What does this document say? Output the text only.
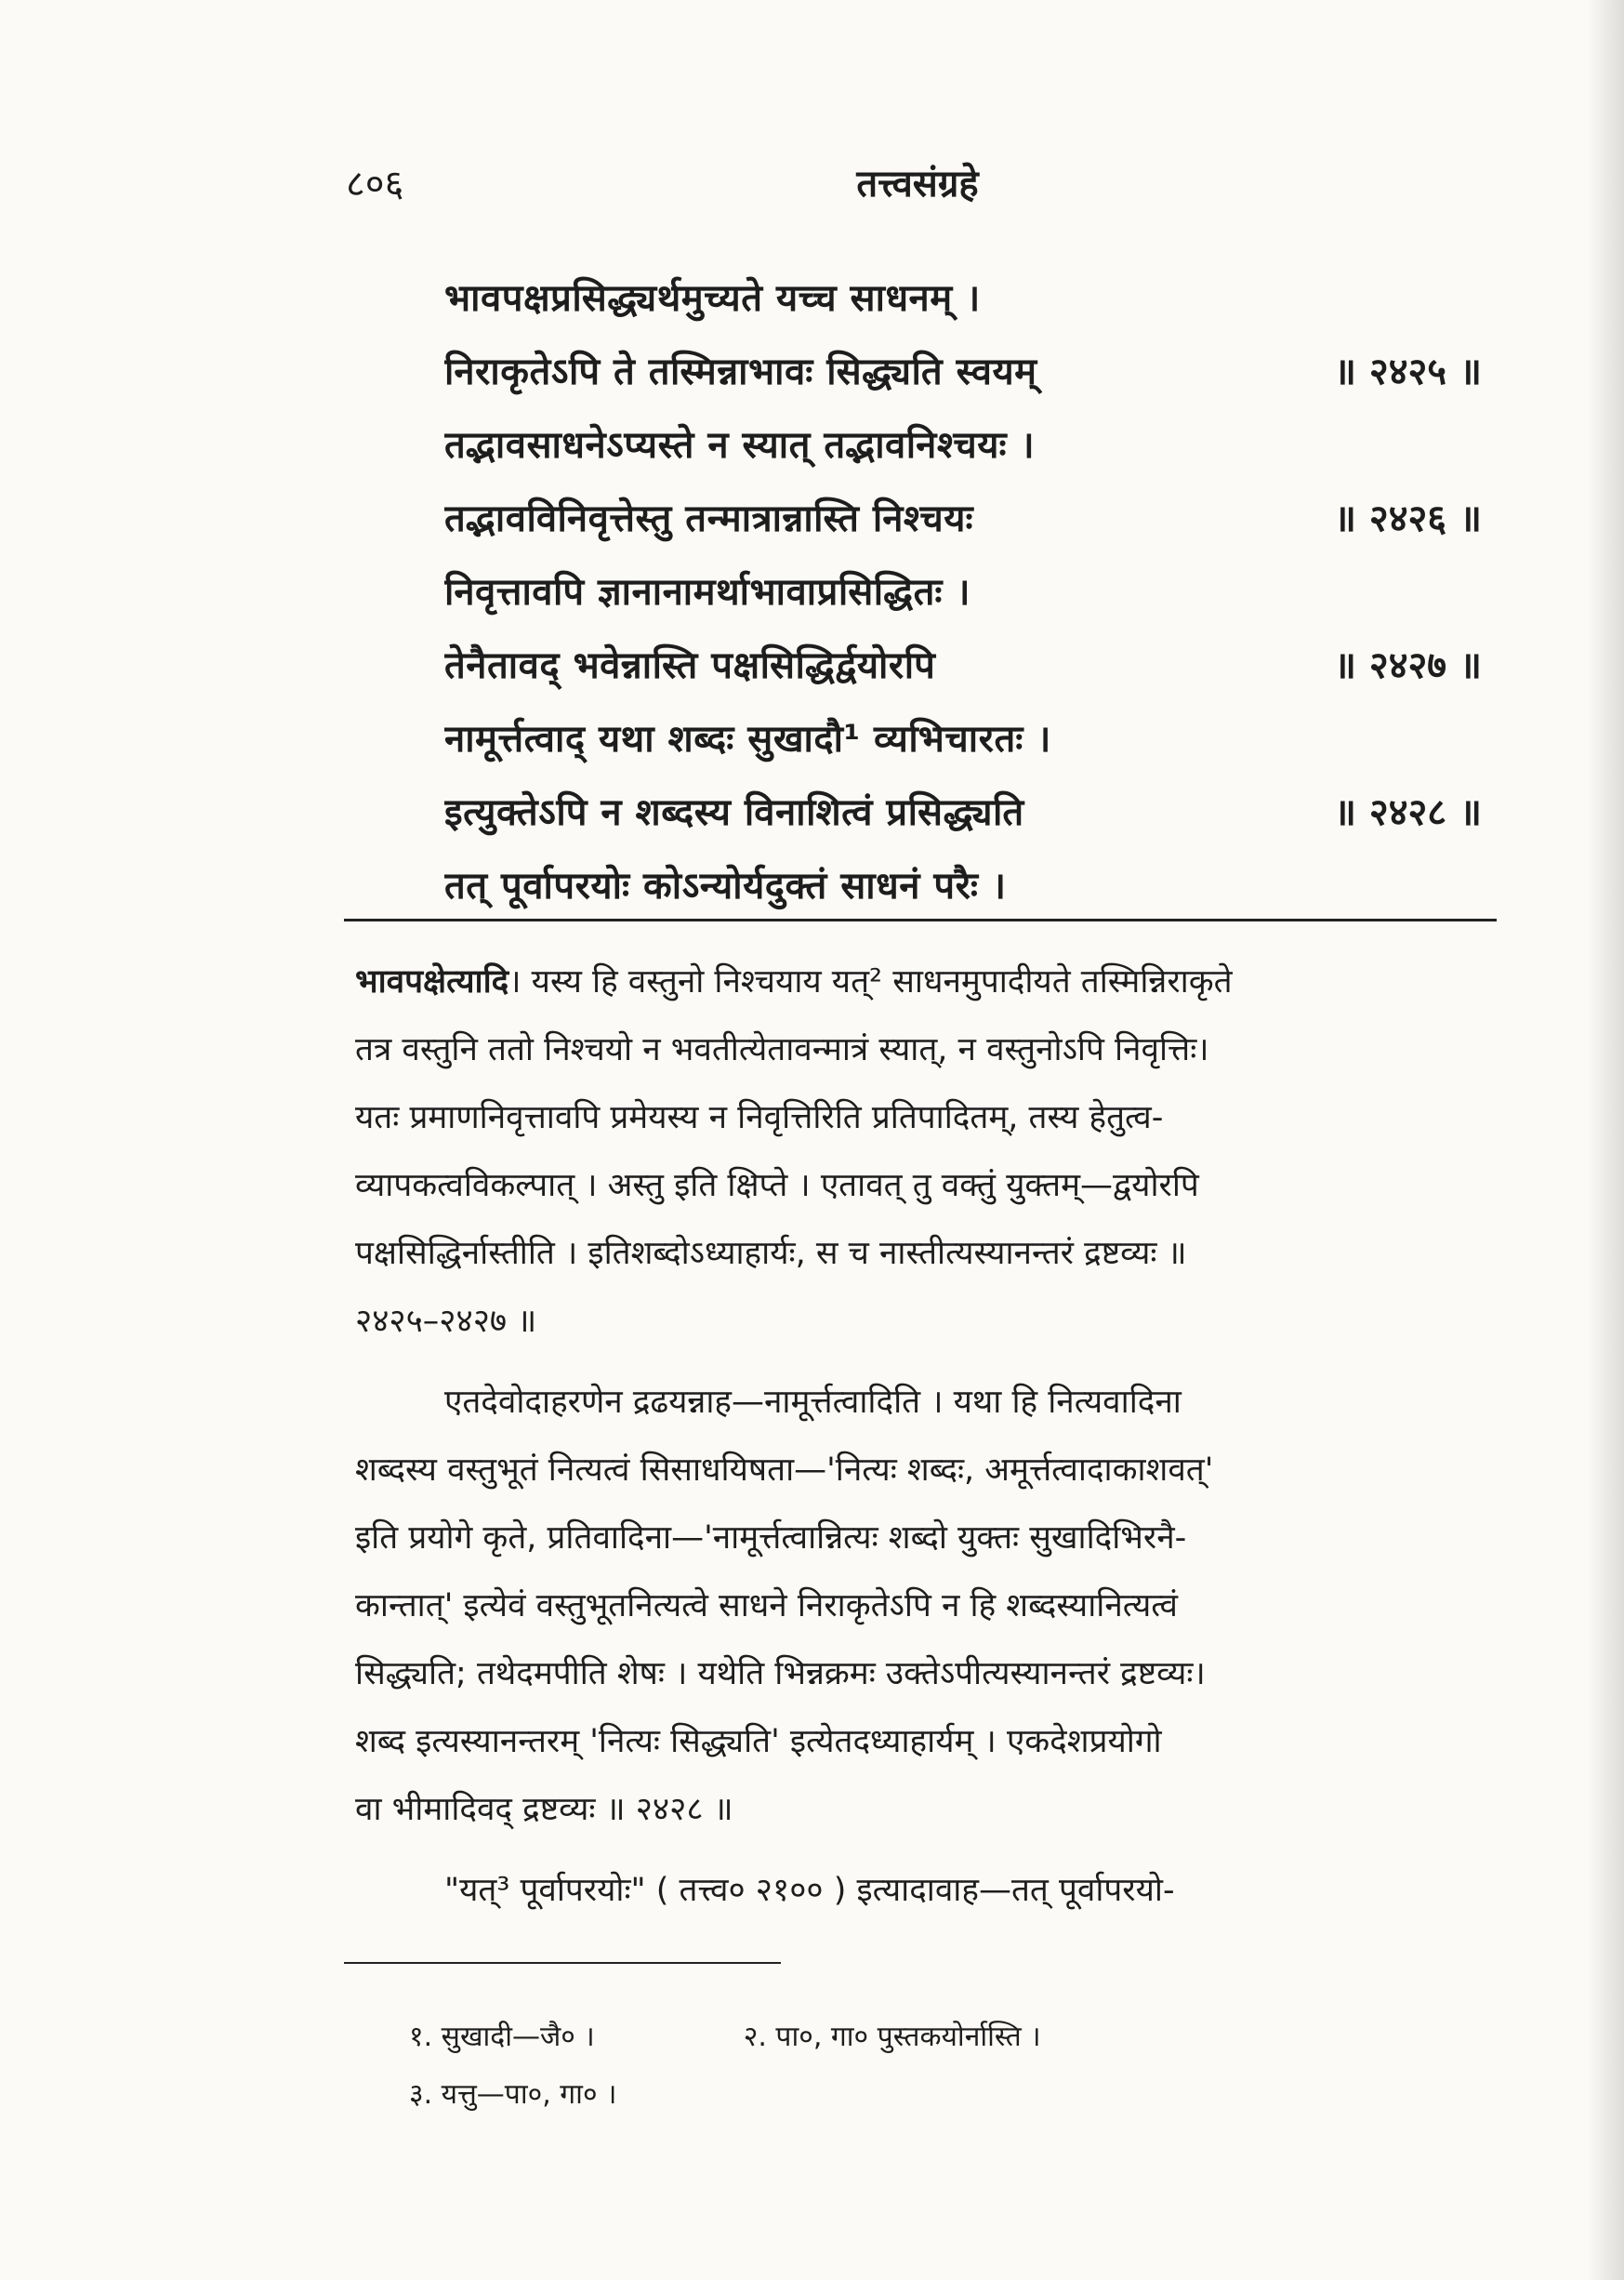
८०६	तत्त्वसंग्रहे
भावपक्षप्रसिद्ध्यर्थमुच्यते यच्च साधनम् ।
निराकृतेऽपि ते तस्मिन्नाभावः सिद्ध्यति स्वयम्	॥ २४२५ ॥
तद्भावसाधनेऽप्यस्ते न स्यात् तद्भावनिश्चयः ।
तद्भावविनिवृत्तेस्तु तन्मात्रान्नास्ति निश्चयः	॥ २४२६ ॥
निवृत्तावपि ज्ञानानामर्थाभावाप्रसिद्धितः ।
तेनैतावद् भवेन्नास्ति पक्षसिद्धिर्द्वयोरपि	॥ २४२७ ॥
नामूर्त्तत्वाद् यथा शब्दः सुखादौ¹ व्यभिचारतः ।
इत्युक्तेऽपि न शब्दस्य विनाशित्वं प्रसिद्ध्यति	॥ २४२८ ॥
तत् पूर्वापरयोः कोऽन्योर्यदुक्तं साधनं परैः ।
भावपक्षेत्यादि। यस्य हि वस्तुनो निश्चयाय यत्² साधनमुपादीयते तस्मिन्निराकृते
तत्र वस्तुनि ततो निश्चयो न भवतीत्येतावन्मात्रं स्यात्, न वस्तुनोऽपि निवृत्तिः।
यतः प्रमाणनिवृत्तावपि प्रमेयस्य न निवृत्तिरिति प्रतिपादितम्, तस्य हेतुत्व-
व्यापकत्वविकल्पात् । अस्तु इति क्षिप्ते । एतावत् तु वक्तुं युक्तम्—द्वयोरपि
पक्षसिद्धिर्नास्तीति । इतिशब्दोऽध्याहार्यः, स च नास्तीत्यस्यानन्तरं द्रष्टव्यः ॥
२४२५–२४२७ ॥
एतदेवोदाहरणेन द्रढयन्नाह—नामूर्त्तत्वादिति । यथा हि नित्यवादिना
शब्दस्य वस्तुभूतं नित्यत्वं सिसाधयिषता—'नित्यः शब्दः, अमूर्त्तत्वादाकाशवत्'
इति प्रयोगे कृते, प्रतिवादिना—'नामूर्त्तत्वान्नित्यः शब्दो युक्तः सुखादिभिरनै-
कान्तात्' इत्येवं वस्तुभूतनित्यत्वे साधने निराकृतेऽपि न हि शब्दस्यानित्यत्वं
सिद्ध्यति; तथेदमपीति शेषः । यथेति भिन्नक्रमः उक्तेऽपीत्यस्यानन्तरं द्रष्टव्यः।
शब्द इत्यस्यानन्तरम् 'नित्यः सिद्ध्यति' इत्येतदध्याहार्यम् । एकदेशप्रयोगो
वा भीमादिवद् द्रष्टव्यः ॥ २४२८ ॥
"यत्³ पूर्वापरयोः" ( तत्त्व० २१०० ) इत्यादावाह—तत् पूर्वापरयो-
१. सुखादी—जै० ।	२. पा०, गा० पुस्तकयोर्नास्ति ।
३. यत्तु—पा०, गा० ।
